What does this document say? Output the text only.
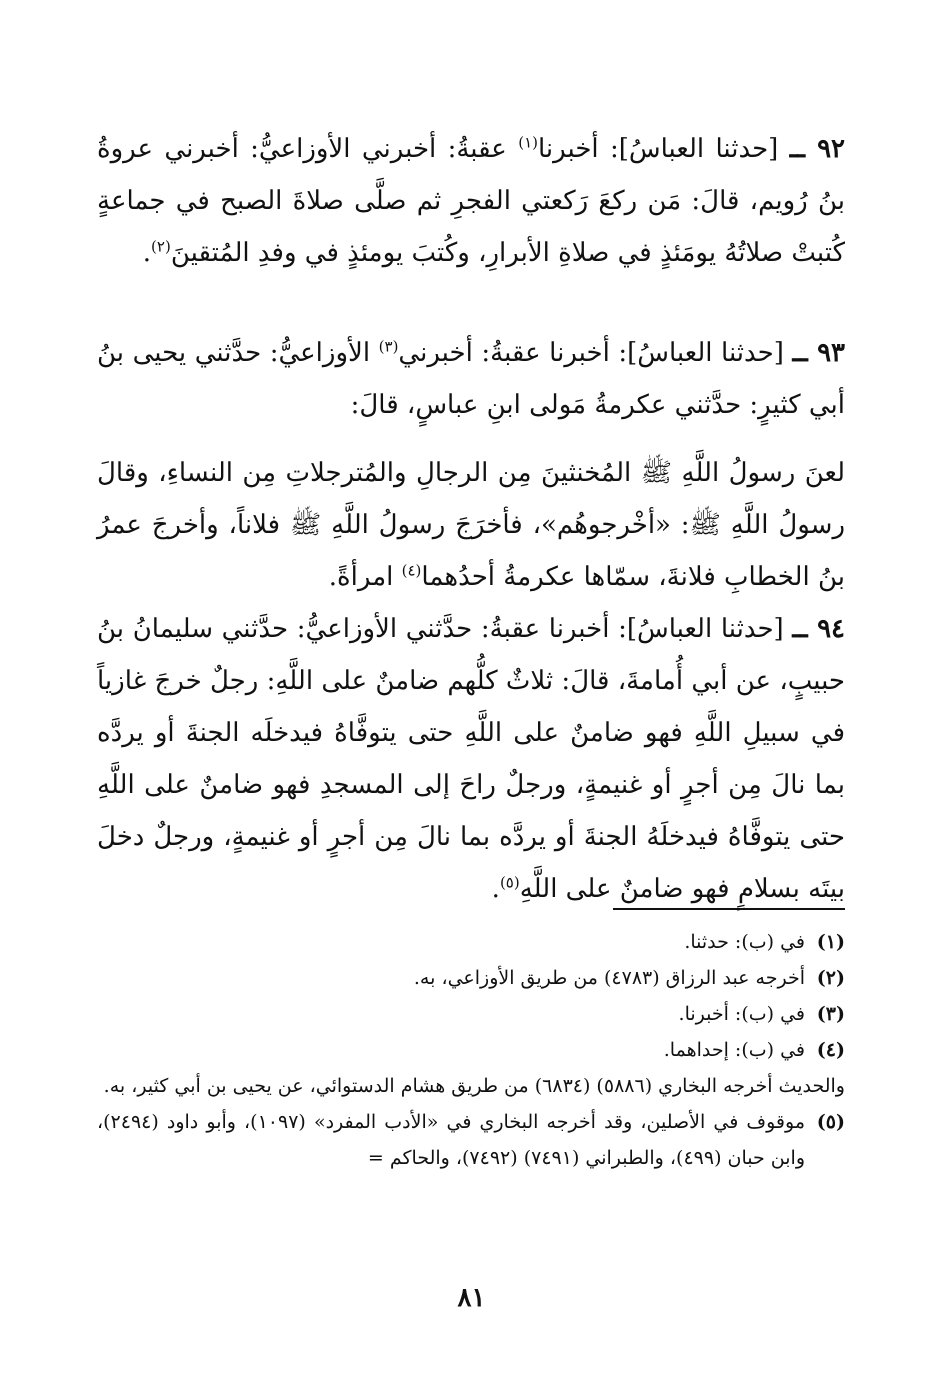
٩٢ ــ [حدثنا العباسُ]: أخبرنا$^{(١)}$ عقبةُ: أخبرني الأوزاعيُّ: أخبرني عروةُ بنُ رُويم، قالَ: مَن ركعَ رَكعتي الفجرِ ثم صلَّى صلاةَ الصبح في جماعةٍ كُتبتْ صلاتُهُ يومَئذٍ في صلاةِ الأبرارِ، وكُتبَ يومئذٍ في وفدِ المُتقينَ$^{(٢)}$.

٩٣ ــ [حدثنا العباسُ]: أخبرنا عقبةُ: أخبرني$^{(٣)}$ الأوزاعيُّ: حدَّثني يحيى بنُ أبي كثيرٍ: حدَّثني عكرمةُ مَولى ابنِ عباسٍ، قالَ:

لعنَ رسولُ اللَّهِ ﷺ المُخنثينَ مِن الرجالِ والمُترجلاتِ مِن النساءِ، وقالَ رسولُ اللَّهِ ﷺ: «أخْرجوهُم»، فأخرَجَ رسولُ اللَّهِ ﷺ فلاناً، وأخرجَ عمرُ بنُ الخطابِ فلانةَ، سمّاها عكرمةُ أحدُهما$^{(٤)}$ امرأةً.

٩٤ ــ [حدثنا العباسُ]: أخبرنا عقبةُ: حدَّثني الأوزاعيُّ: حدَّثني سليمانُ بنُ حبيبٍ، عن أبي أُمامةَ، قالَ: ثلاثٌ كلُّهم ضامنٌ على اللَّهِ: رجلٌ خرجَ غازياً في سبيلِ اللَّهِ فهو ضامنٌ على اللَّهِ حتى يتوفَّاهُ فيدخلَه الجنةَ أو يردَّه بما نالَ مِن أجرٍ أو غنيمةٍ، ورجلٌ راحَ إلى المسجدِ فهو ضامنٌ على اللَّهِ حتى يتوفَّاهُ فيدخلَهُ الجنةَ أو يردَّه بما نالَ مِن أجرٍ أو غنيمةٍ، ورجلٌ دخلَ بيتَه بسلامٍ فهو ضامنٌ على اللَّهِ$^{(٥)}$.

(١)
في (ب): حدثنا.
(٢)
أخرجه عبد الرزاق (٤٧٨٣) من طريق الأوزاعي، به.
(٣)
في (ب): أخبرنا.
(٤)
في (ب): إحداهما.
والحديث أخرجه البخاري (٥٨٨٦) (٦٨٣٤) من طريق هشام الدستوائي، عن يحيى بن أبي كثير، به.
(٥)
موقوف في الأصلين، وقد أخرجه البخاري في «الأدب المفرد» (١٠٩٧)، وأبو داود (٢٤٩٤)، وابن حبان (٤٩٩)، والطبراني (٧٤٩١) (٧٤٩٢)، والحاكم =
٨١
